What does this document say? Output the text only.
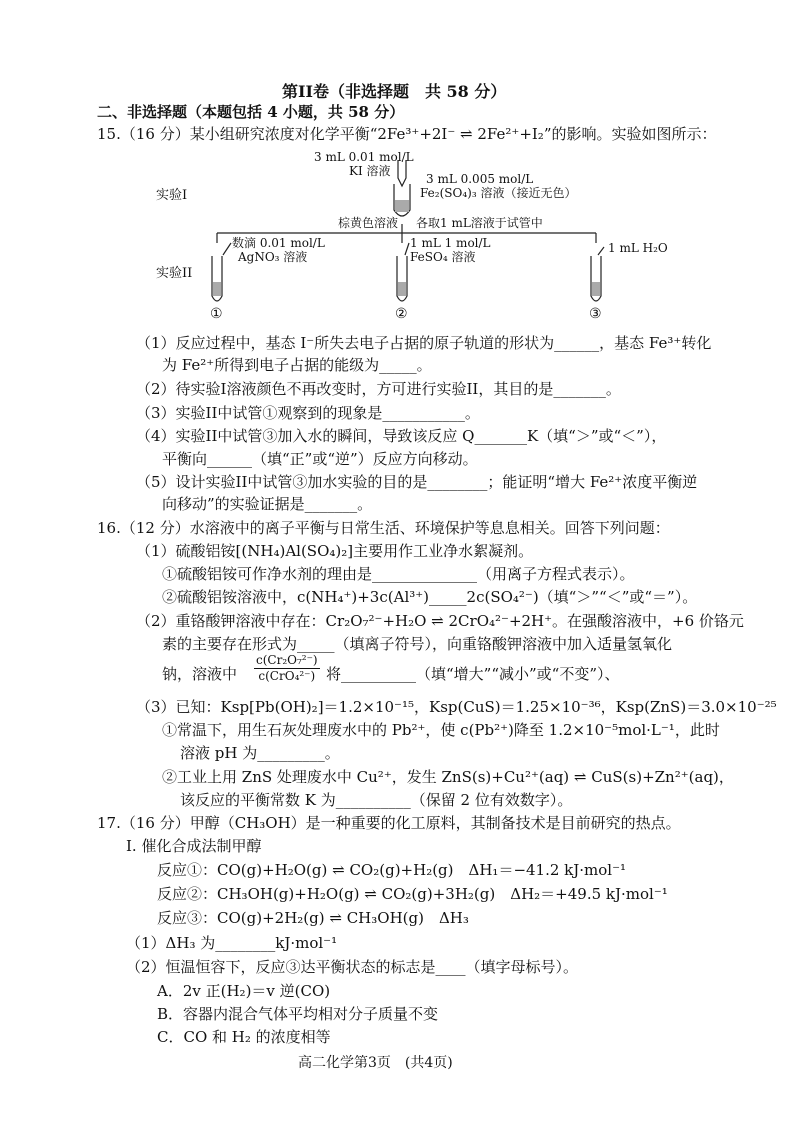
第II卷（非选择题　共 58 分）
二、非选择题（本题包括 4 小题，共 58 分）
15.（16 分）某小组研究浓度对化学平衡“2Fe³⁺+2I⁻ ⇌ 2Fe²⁺+I₂”的影响。实验如图所示：
3 mL 0.01 mol/L
KI 溶液
3 mL 0.005 mol/L
Fe₂(SO₄)₃ 溶液（接近无色）
实验I
棕黄色溶液 各取1 mL溶液于试管中
数滴 0.01 mol/L
AgNO₃ 溶液
1 mL 1 mol/L
FeSO₄ 溶液
1 mL H₂O
实验II
①	②	③
（1）反应过程中，基态 I⁻所失去电子占据的原子轨道的形状为______，基态 Fe³⁺转化
为 Fe²⁺所得到电子占据的能级为_____。
（2）待实验I溶液颜色不再改变时，方可进行实验II，其目的是_______。
（3）实验II中试管①观察到的现象是___________。
（4）实验II中试管③加入水的瞬间，导致该反应 Q_______K（填“＞”或“＜”），
平衡向______（填“正”或“逆”）反应方向移动。
（5）设计实验II中试管③加水实验的目的是________；能证明“增大 Fe²⁺浓度平衡逆
向移动”的实验证据是_______。
16.（12 分）水溶液中的离子平衡与日常生活、环境保护等息息相关。回答下列问题：
（1）硫酸铝铵[(NH₄)Al(SO₄)₂]主要用作工业净水絮凝剂。
①硫酸铝铵可作净水剂的理由是______________（用离子方程式表示）。
②硫酸铝铵溶液中，c(NH₄⁺)+3c(Al³⁺)_____2c(SO₄²⁻)（填“＞”“＜”或“＝”）。
（2）重铬酸钾溶液中存在：Cr₂O₇²⁻+H₂O ⇌ 2CrO₄²⁻+2H⁺。在强酸溶液中，+6 价铬元
素的主要存在形式为_____（填离子符号），向重铬酸钾溶液中加入适量氢氧化
钠，溶液中
c(Cr₂O₇²⁻)
c(CrO₄²⁻) 将__________（填“增大”“减小”或“不变”）、
（3）已知：Ksp[Pb(OH)₂]＝1.2×10⁻¹⁵，Ksp(CuS)＝1.25×10⁻³⁶，Ksp(ZnS)＝3.0×10⁻²⁵
①常温下，用生石灰处理废水中的 Pb²⁺，使 c(Pb²⁺)降至 1.2×10⁻⁵mol·L⁻¹，此时
溶液 pH 为_________。
②工业上用 ZnS 处理废水中 Cu²⁺，发生 ZnS(s)+Cu²⁺(aq) ⇌ CuS(s)+Zn²⁺(aq)，
该反应的平衡常数 K 为__________（保留 2 位有效数字）。
17.（16 分）甲醇（CH₃OH）是一种重要的化工原料，其制备技术是目前研究的热点。
I. 催化合成法制甲醇
反应①：CO(g)+H₂O(g) ⇌ CO₂(g)+H₂(g)　ΔH₁＝−41.2 kJ·mol⁻¹
反应②：CH₃OH(g)+H₂O(g) ⇌ CO₂(g)+3H₂(g)　ΔH₂＝+49.5 kJ·mol⁻¹
反应③：CO(g)+2H₂(g) ⇌ CH₃OH(g)　ΔH₃
（1）ΔH₃ 为________kJ·mol⁻¹
（2）恒温恒容下，反应③达平衡状态的标志是____（填字母标号）。
A．2v 正(H₂)＝v 逆(CO)
B．容器内混合气体平均相对分子质量不变
C．CO 和 H₂ 的浓度相等
高二化学第3页　(共4页)
